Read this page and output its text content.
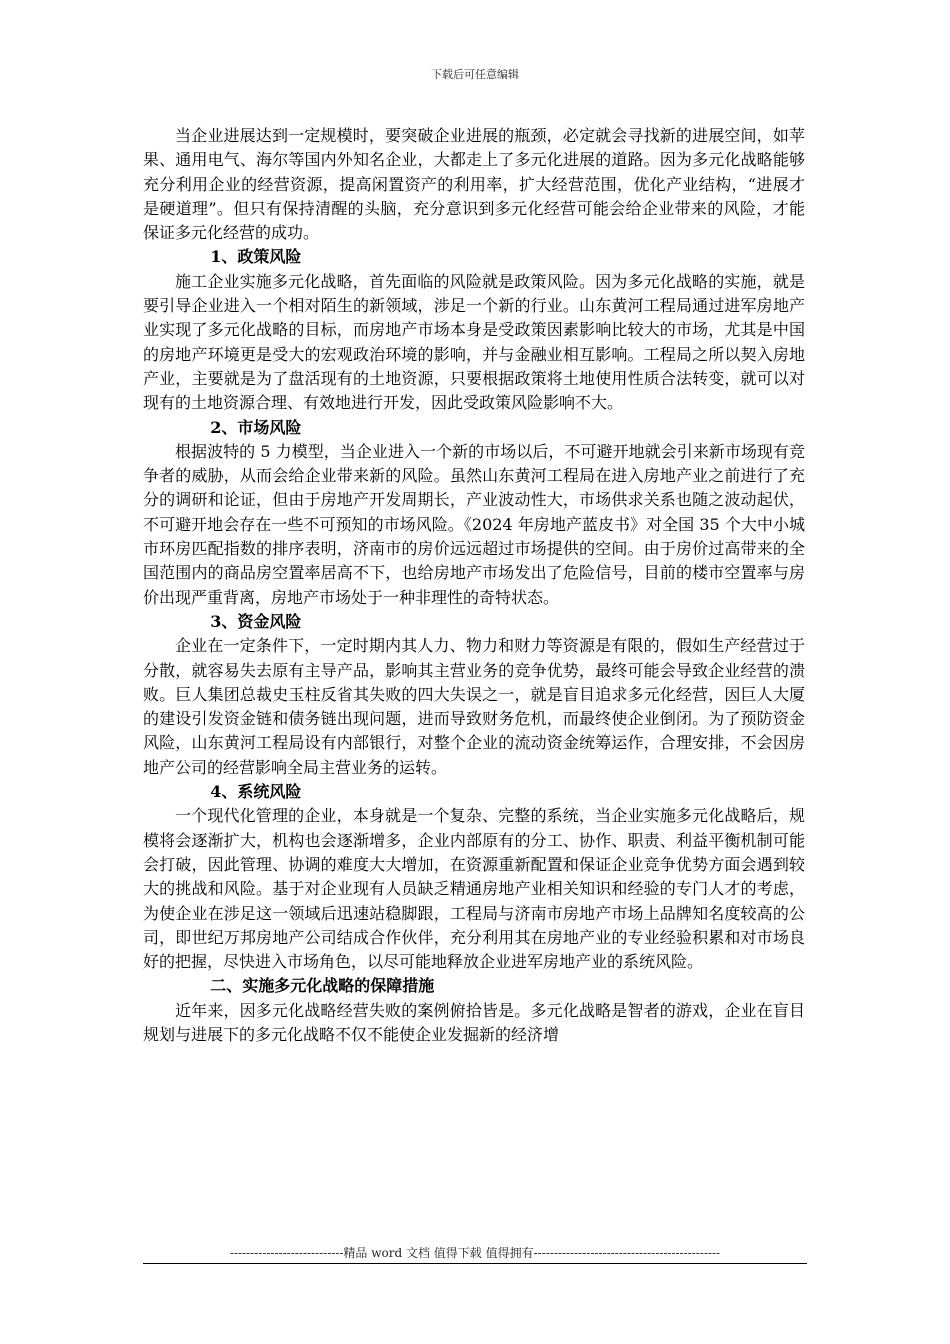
下载后可任意编辑

当企业进展达到一定规模时，要突破企业进展的瓶颈，必定就会寻找新的进展空间，如苹果、通用电气、海尔等国内外知名企业，大都走上了多元化进展的道路。因为多元化战略能够充分利用企业的经营资源，提高闲置资产的利用率，扩大经营范围，优化产业结构，“进展才是硬道理”。但只有保持清醒的头脑，充分意识到多元化经营可能会给企业带来的风险，才能保证多元化经营的成功。

1、政策风险

施工企业实施多元化战略，首先面临的风险就是政策风险。因为多元化战略的实施，就是要引导企业进入一个相对陌生的新领域，涉足一个新的行业。山东黄河工程局通过进军房地产业实现了多元化战略的目标，而房地产市场本身是受政策因素影响比较大的市场，尤其是中国的房地产环境更是受大的宏观政治环境的影响，并与金融业相互影响。工程局之所以契入房地产业，主要就是为了盘活现有的土地资源，只要根据政策将土地使用性质合法转变，就可以对现有的土地资源合理、有效地进行开发，因此受政策风险影响不大。

2、市场风险

根据波特的 5 力模型，当企业进入一个新的市场以后，不可避开地就会引来新市场现有竞争者的威胁，从而会给企业带来新的风险。虽然山东黄河工程局在进入房地产业之前进行了充分的调研和论证，但由于房地产开发周期长，产业波动性大，市场供求关系也随之波动起伏，不可避开地会存在一些不可预知的市场风险。《2024 年房地产蓝皮书》对全国 35 个大中小城市环房匹配指数的排序表明，济南市的房价远远超过市场提供的空间。由于房价过高带来的全国范围内的商品房空置率居高不下，也给房地产市场发出了危险信号，目前的楼市空置率与房价出现严重背离，房地产市场处于一种非理性的奇特状态。

3、资金风险

企业在一定条件下，一定时期内其人力、物力和财力等资源是有限的，假如生产经营过于分散，就容易失去原有主导产品，影响其主营业务的竞争优势，最终可能会导致企业经营的溃败。巨人集团总裁史玉柱反省其失败的四大失误之一，就是盲目追求多元化经营，因巨人大厦的建设引发资金链和债务链出现问题，进而导致财务危机，而最终使企业倒闭。为了预防资金风险，山东黄河工程局设有内部银行，对整个企业的流动资金统筹运作，合理安排，不会因房地产公司的经营影响全局主营业务的运转。

4、系统风险

一个现代化管理的企业，本身就是一个复杂、完整的系统，当企业实施多元化战略后，规模将会逐渐扩大，机构也会逐渐增多，企业内部原有的分工、协作、职责、利益平衡机制可能会打破，因此管理、协调的难度大大增加，在资源重新配置和保证企业竞争优势方面会遇到较大的挑战和风险。基于对企业现有人员缺乏精通房地产业相关知识和经验的专门人才的考虑，为使企业在涉足这一领域后迅速站稳脚跟，工程局与济南市房地产市场上品牌知名度较高的公司，即世纪万邦房地产公司结成合作伙伴，充分利用其在房地产业的专业经验积累和对市场良好的把握，尽快进入市场角色，以尽可能地释放企业进军房地产业的系统风险。

二、实施多元化战略的保障措施

近年来，因多元化战略经营失败的案例俯拾皆是。多元化战略是智者的游戏，企业在盲目规划与进展下的多元化战略不仅不能使企业发掘新的经济增

----------------------------精品 word 文档 值得下载 值得拥有----------------------------------------------
